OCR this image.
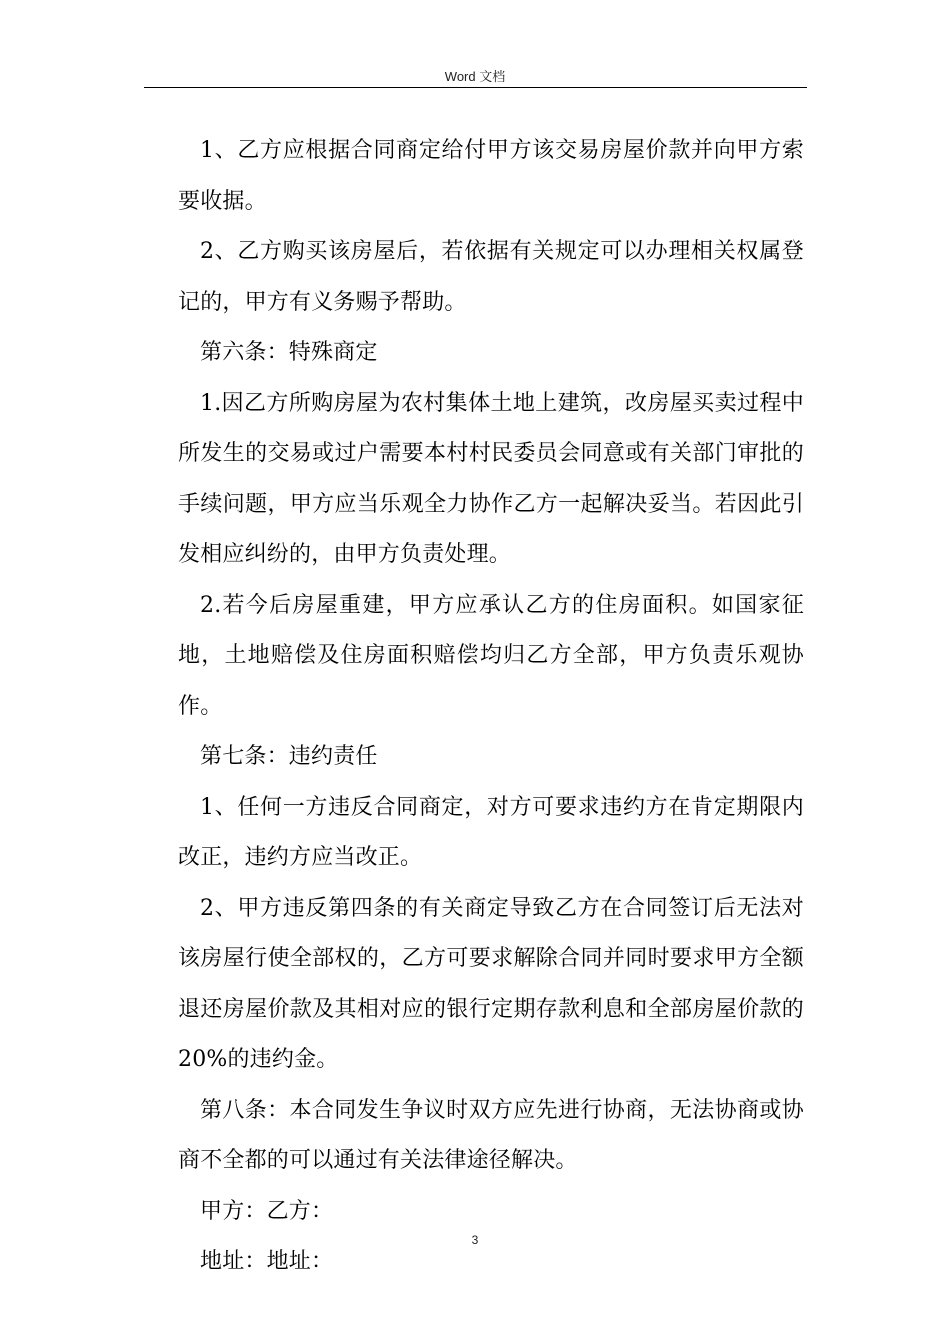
Word 文档

1、乙方应根据合同商定给付甲方该交易房屋价款并向甲方索要收据。

2、乙方购买该房屋后，若依据有关规定可以办理相关权属登记的，甲方有义务赐予帮助。

第六条：特殊商定

1.因乙方所购房屋为农村集体土地上建筑，改房屋买卖过程中所发生的交易或过户需要本村村民委员会同意或有关部门审批的手续问题，甲方应当乐观全力协作乙方一起解决妥当。若因此引发相应纠纷的，由甲方负责处理。

2.若今后房屋重建，甲方应承认乙方的住房面积。如国家征地，土地赔偿及住房面积赔偿均归乙方全部，甲方负责乐观协作。

第七条：违约责任

1、任何一方违反合同商定，对方可要求违约方在肯定期限内改正，违约方应当改正。

2、甲方违反第四条的有关商定导致乙方在合同签订后无法对该房屋行使全部权的，乙方可要求解除合同并同时要求甲方全额退还房屋价款及其相对应的银行定期存款利息和全部房屋价款的20%的违约金。

第八条：本合同发生争议时双方应先进行协商，无法协商或协商不全都的可以通过有关法律途径解决。

甲方：乙方：

地址：地址：

3
